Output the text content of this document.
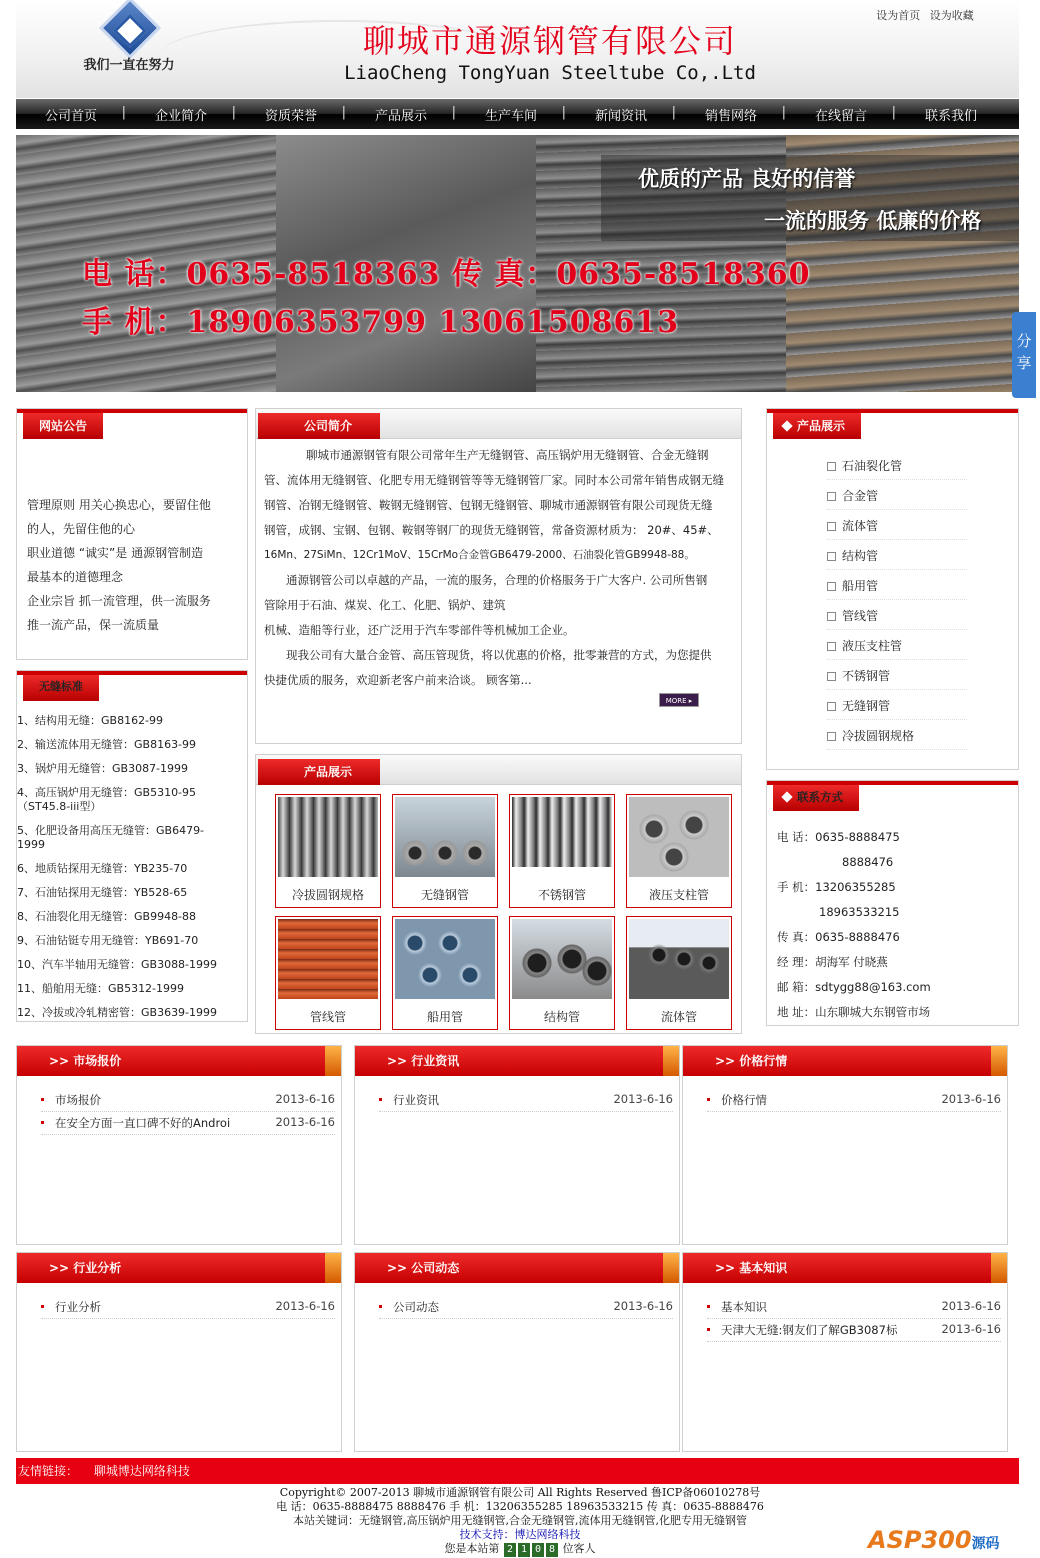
我们一直在努力
聊城市通源钢管有限公司
LiaoCheng TongYuan Steeltube Co,.Ltd
设为首页 设为收藏
公司首页 |	企业简介 |	资质荣誉 |	产品展示 |	生产车间 |	新闻资讯 |	销售网络 |	在线留言 |	联系我们
优质的产品 良好的信誉
一流的服务 低廉的价格
电 话：0635-8518363 传 真：0635-8518360
手 机：18906353799 13061508613
分享
网站公告

管理原则 用关心换忠心，要留住他

的人，先留住他的心

职业道德 “诚实”是 通源钢管制造

最基本的道德理念

企业宗旨 抓一流管理，供一流服务

推一流产品，保一流质量

无缝标准
1、结构用无缝：GB8162-99
2、输送流体用无缝管：GB8163-99
3、锅炉用无缝管：GB3087-1999
4、高压锅炉用无缝管：GB5310-95
（ST45.8-iii型）
5、化肥设备用高压无缝管：GB6479-
1999
6、地质钻探用无缝管：YB235-70
7、石油钻探用无缝管：YB528-65
8、石油裂化用无缝管：GB9948-88
9、石油钻铤专用无缝管：YB691-70
10、汽车半轴用无缝管：GB3088-1999
11、船舶用无缝：GB5312-1999
12、冷拔或冷轧精密管：GB3639-1999
公司简介

聊城市通源钢管有限公司常年生产无缝钢管、高压锅炉用无缝钢管、合金无缝钢

管、流体用无缝钢管、化肥专用无缝钢管等等无缝钢管厂家。同时本公司常年销售成钢无缝

钢管、冶钢无缝钢管、鞍钢无缝钢管、包钢无缝钢管、聊城市通源钢管有限公司现货无缝

钢管，成钢、宝钢、包钢、鞍钢等钢厂的现货无缝钢管，常备资源材质为： 20#、45#、

16Mn、27SiMn、12Cr1MoV、15CrMo合金管GB6479-2000、石油裂化管GB9948-88。

通源钢管公司以卓越的产品，一流的服务，合理的价格服务于广大客户. 公司所售钢

管除用于石油、煤炭、化工、化肥、锅炉、建筑

机械、造船等行业，还广泛用于汽车零部件等机械加工企业。

现我公司有大量合金管、高压管现货，将以优惠的价格，批零兼营的方式，为您提供

快捷优质的服务，欢迎新老客户前来洽谈。 顾客第...

MORE ▸
产品展示
冷拔圆钢规格	无缝钢管	不锈钢管	液压支柱管
管线管	船用管	结构管	流体管
产品展示
石油裂化管
合金管
流体管
结构管
船用管
管线管
液压支柱管
不锈钢管
无缝钢管
冷拔圆钢规格
联系方式
电 话：0635-8888475
8888476
手 机：13206355285
18963533215
传 真：0635-8888476
经 理：胡海军 付晓燕
邮 箱：sdtygg88@163.com
地 址：山东聊城大东钢管市场
>> 市场报价
市场报价	2013-6-16
在安全方面一直口碑不好的Androi	2013-6-16
>> 行业资讯
行业资讯	2013-6-16
>> 价格行情
价格行情	2013-6-16
>> 行业分析
行业分析	2013-6-16
>> 公司动态
公司动态	2013-6-16
>> 基本知识
基本知识	2013-6-16
天津大无缝:钢友们了解GB3087标	2013-6-16
友情链接： 聊城博达网络科技
Copyright© 2007-2013 聊城市通源钢管有限公司 All Rights Reserved 鲁ICP备06010278号
电 话：0635-8888475 8888476 手 机：13206355285 18963533215 传 真：0635-8888476
本站关键词：无缝钢管,高压锅炉用无缝钢管,合金无缝钢管,流体用无缝钢管,化肥专用无缝钢管
技术支持：博达网络科技
您是本站第 2 1 0 8 位客人	ASP300源码
